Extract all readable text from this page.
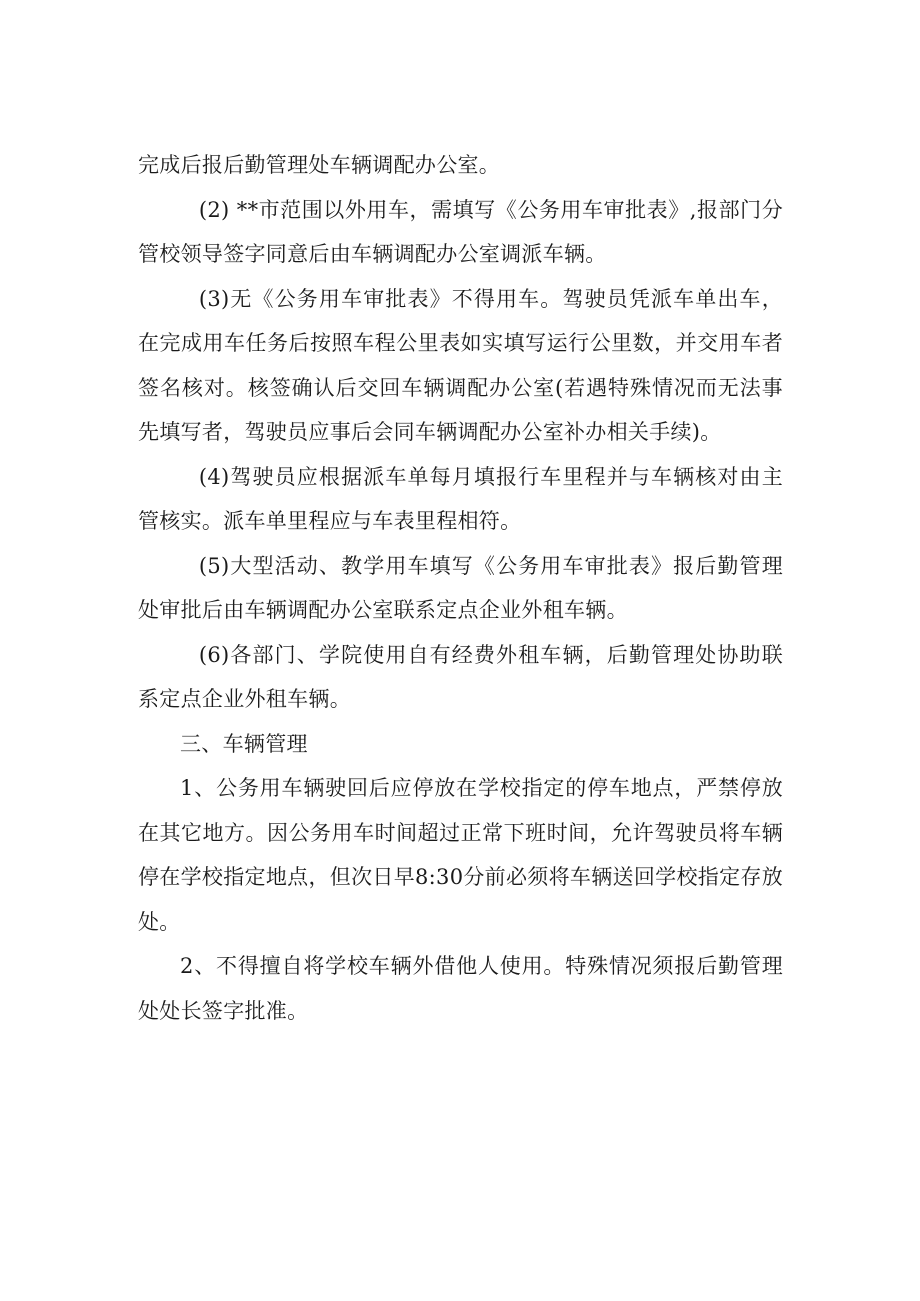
完成后报后勤管理处车辆调配办公室。

(2) **市范围以外用车，需填写《公务用车审批表》,报部门分管校领导签字同意后由车辆调配办公室调派车辆。

(3)无《公务用车审批表》不得用车。驾驶员凭派车单出车，在完成用车任务后按照车程公里表如实填写运行公里数，并交用车者签名核对。核签确认后交回车辆调配办公室(若遇特殊情况而无法事先填写者，驾驶员应事后会同车辆调配办公室补办相关手续)。

(4)驾驶员应根据派车单每月填报行车里程并与车辆核对由主管核实。派车单里程应与车表里程相符。

(5)大型活动、教学用车填写《公务用车审批表》报后勤管理处审批后由车辆调配办公室联系定点企业外租车辆。

(6)各部门、学院使用自有经费外租车辆，后勤管理处协助联系定点企业外租车辆。

三、车辆管理

1、公务用车辆驶回后应停放在学校指定的停车地点，严禁停放在其它地方。因公务用车时间超过正常下班时间，允许驾驶员将车辆停在学校指定地点，但次日早8:30分前必须将车辆送回学校指定存放处。

2、不得擅自将学校车辆外借他人使用。特殊情况须报后勤管理处处长签字批准。
